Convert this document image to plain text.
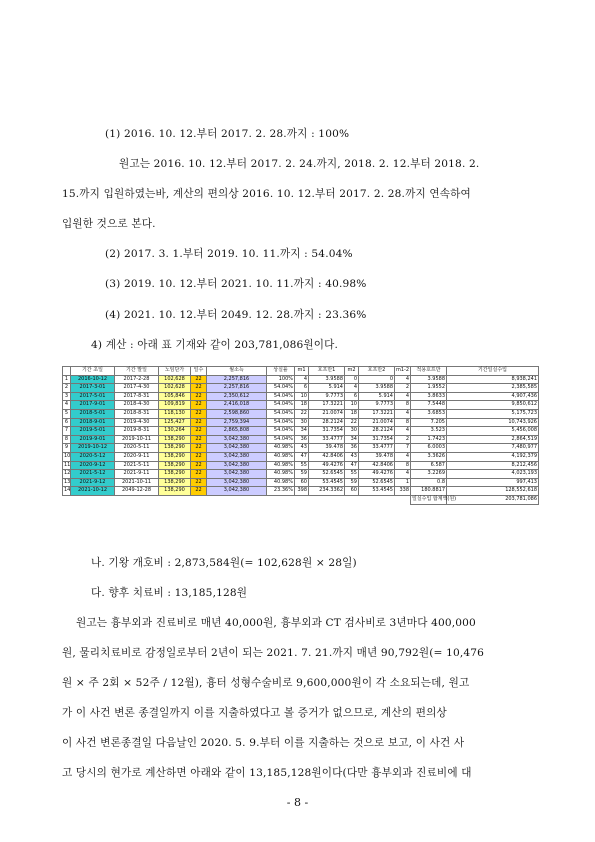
(1) 2016. 10. 12.부터 2017. 2. 28.까지 : 100%
원고는 2016. 10. 12.부터 2017. 2. 24.까지, 2018. 2. 12.부터 2018. 2.
15.까지 입원하였는바, 계산의 편의상 2016. 10. 12.부터 2017. 2. 28.까지 연속하여
입원한 것으로 본다.
(2) 2017. 3. 1.부터 2019. 10. 11.까지 : 54.04%
(3) 2019. 10. 12.부터 2021. 10. 11.까지 : 40.98%
(4) 2021. 10. 12.부터 2049. 12. 28.까지 : 23.36%
4) 계산 : 아래 표 기재와 같이 203,781,086원이다.
	기간 초일	기간 말일	노임단가	일수	월소득	상실률	m1	호프만1	m2	호프만2	m1-2	적용호프만	기간일실수입
1	2016-10-12	2017-2-28	102,628	22	2,257,816	100%	4	3.9588	0	0	4	3.9588	8,938,241
2	2017-3-01	2017-4-30	102,628	22	2,257,816	54.04%	6	5.914	4	3.9588	2	1.9552	2,385,585
3	2017-5-01	2017-8-31	105,846	22	2,350,612	54.04%	10	9.7773	6	5.914	4	3.8633	4,907,436
4	2017-9-01	2018-4-30	109,819	22	2,416,018	54.04%	18	17.3221	10	9.7773	8	7.5448	9,850,612
5	2018-5-01	2018-8-31	118,130	22	2,598,860	54.04%	22	21.0074	18	17.3221	4	3.6853	5,175,723
6	2018-9-01	2019-4-30	125,427	22	2,759,394	54.04%	30	28.2124	22	21.0074	8	7.205	10,743,926
7	2019-5-01	2019-8-31	130,264	22	2,865,808	54.04%	34	31.7354	30	28.2124	4	3.523	5,456,008
8	2019-9-01	2019-10-11	138,290	22	3,042,380	54.04%	36	33.4777	34	31.7354	2	1.7423	2,864,519
9	2019-10-12	2020-5-11	138,290	22	3,042,380	40.98%	43	39.478	36	33.4777	7	6.0003	7,480,977
10	2020-5-12	2020-9-11	138,290	22	3,042,380	40.98%	47	42.8406	43	39.478	4	3.3626	4,192,379
11	2020-9-12	2021-5-11	138,290	22	3,042,380	40.98%	55	49.4276	47	42.8406	8	6.587	8,212,456
12	2021-5-12	2021-9-11	138,290	22	3,042,380	40.98%	59	52.6545	55	49.4276	4	3.2269	4,023,193
13	2021-9-12	2021-10-11	138,290	22	3,042,380	40.98%	60	53.4545	59	52.6545	1	0.8	997,413
14	2021-10-12	2049-12-28	138,290	22	3,042,380	23.36%	398	234.3362	60	53.4545	338	180.8817	128,552,618
												일실수입 합계액(원)	203,781,086
나. 기왕 개호비 : 2,873,584원(= 102,628원 × 28일)
다. 향후 치료비 : 13,185,128원
원고는 흉부외과 진료비로 매년 40,000원, 흉부외과 CT 검사비로 3년마다 400,000
원, 물리치료비로 감정일로부터 2년이 되는 2021. 7. 21.까지 매년 90,792원(= 10,476
원 × 주 2회 × 52주 / 12월), 흉터 성형수술비로 9,600,000원이 각 소요되는데, 원고
가 이 사건 변론 종결일까지 이를 지출하였다고 볼 증거가 없으므로, 계산의 편의상
이 사건 변론종결일 다음날인 2020. 5. 9.부터 이를 지출하는 것으로 보고, 이 사건 사
고 당시의 현가로 계산하면 아래와 같이 13,185,128원이다(다만 흉부외과 진료비에 대
- 8 -
